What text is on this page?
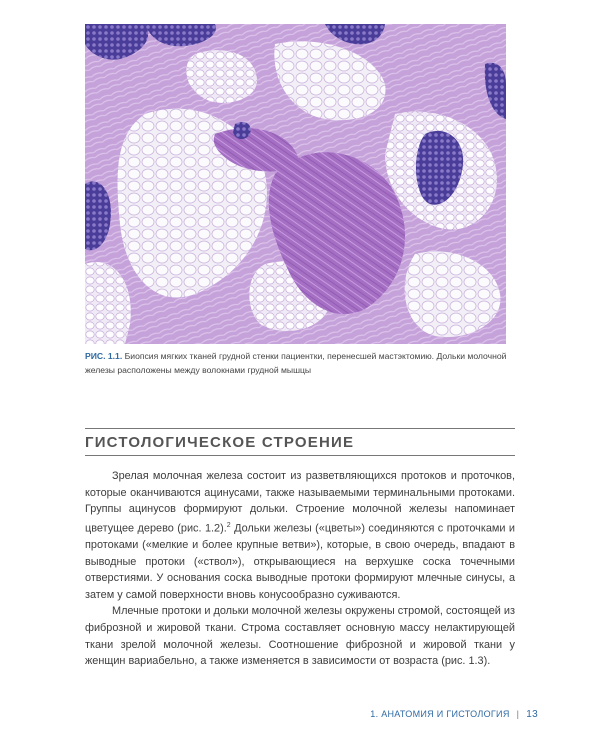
РИС. 1.1. Биопсия мягких тканей грудной стенки пациентки, перенесшей мастэктомию. Дольки молочной железы расположены между волокнами грудной мышцы
ГИСТОЛОГИЧЕСКОЕ СТРОЕНИЕ

Зрелая молочная железа состоит из разветвляющихся протоков и проточков, которые оканчиваются ацинусами, также называемыми терминальными протоками. Группы ацинусов формируют дольки. Строение молочной железы напоминает цветущее дерево (рис. 1.2).$^2$ Дольки железы («цветы») соединяются с проточками и протоками («мелкие и более крупные ветви»), которые, в свою очередь, впадают в выводные протоки («ствол»), открывающиеся на верхушке соска точечными отверстиями. У основания соска выводные протоки формируют млечные синусы, а затем у самой поверхности вновь конусообразно суживаются.

Млечные протоки и дольки молочной железы окружены стромой, состоящей из фиброзной и жировой ткани. Строма составляет основную массу нелактирующей ткани зрелой молочной железы. Соотношение фиброзной и жировой ткани у женщин вариабельно, а также изменяется в зависимости от возраста (рис. 1.3).

1. АНАТОМИЯ И ГИСТОЛОГИЯ | 13
